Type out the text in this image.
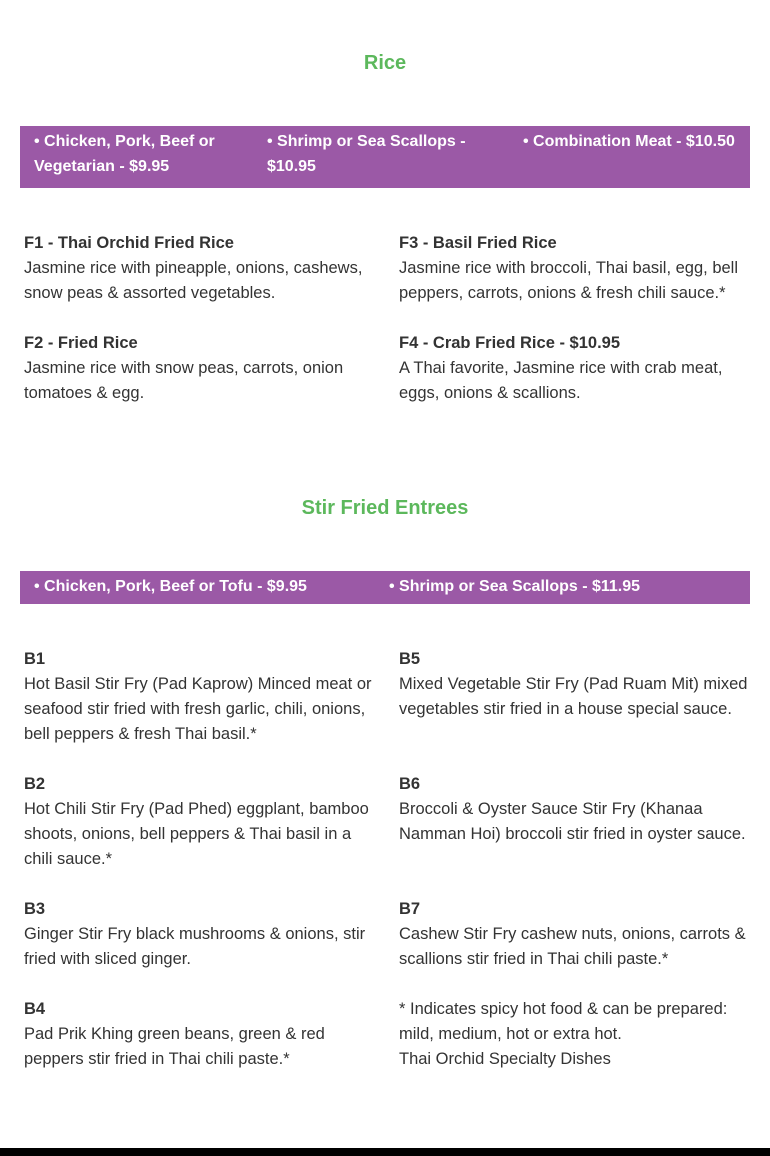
Rice
• Chicken, Pork, Beef or Vegetarian - $9.95
• Shrimp or Sea Scallops - $10.95
• Combination Meat - $10.50
F1 - Thai Orchid Fried Rice
Jasmine rice with pineapple, onions, cashews, snow peas & assorted vegetables.
F2 - Fried Rice
Jasmine rice with snow peas, carrots, onion tomatoes & egg.
F3 - Basil Fried Rice
Jasmine rice with broccoli, Thai basil, egg, bell peppers, carrots, onions & fresh chili sauce.*
F4 - Crab Fried Rice - $10.95
A Thai favorite, Jasmine rice with crab meat, eggs, onions & scallions.
Stir Fried Entrees
• Chicken, Pork, Beef or Tofu - $9.95	• Shrimp or Sea Scallops - $11.95
B1
Hot Basil Stir Fry (Pad Kaprow) Minced meat or seafood stir fried with fresh garlic, chili, onions, bell peppers & fresh Thai basil.*
B2
Hot Chili Stir Fry (Pad Phed) eggplant, bamboo shoots, onions, bell peppers & Thai basil in a chili sauce.*
B3
Ginger Stir Fry black mushrooms & onions, stir fried with sliced ginger.
B4
Pad Prik Khing green beans, green & red peppers stir fried in Thai chili paste.*
B5
Mixed Vegetable Stir Fry (Pad Ruam Mit) mixed vegetables stir fried in a house special sauce.
B6
Broccoli & Oyster Sauce Stir Fry (Khanaa Namman Hoi) broccoli stir fried in oyster sauce.
B7
Cashew Stir Fry cashew nuts, onions, carrots & scallions stir fried in Thai chili paste.*
* Indicates spicy hot food & can be prepared: mild, medium, hot or extra hot.
Thai Orchid Specialty Dishes
